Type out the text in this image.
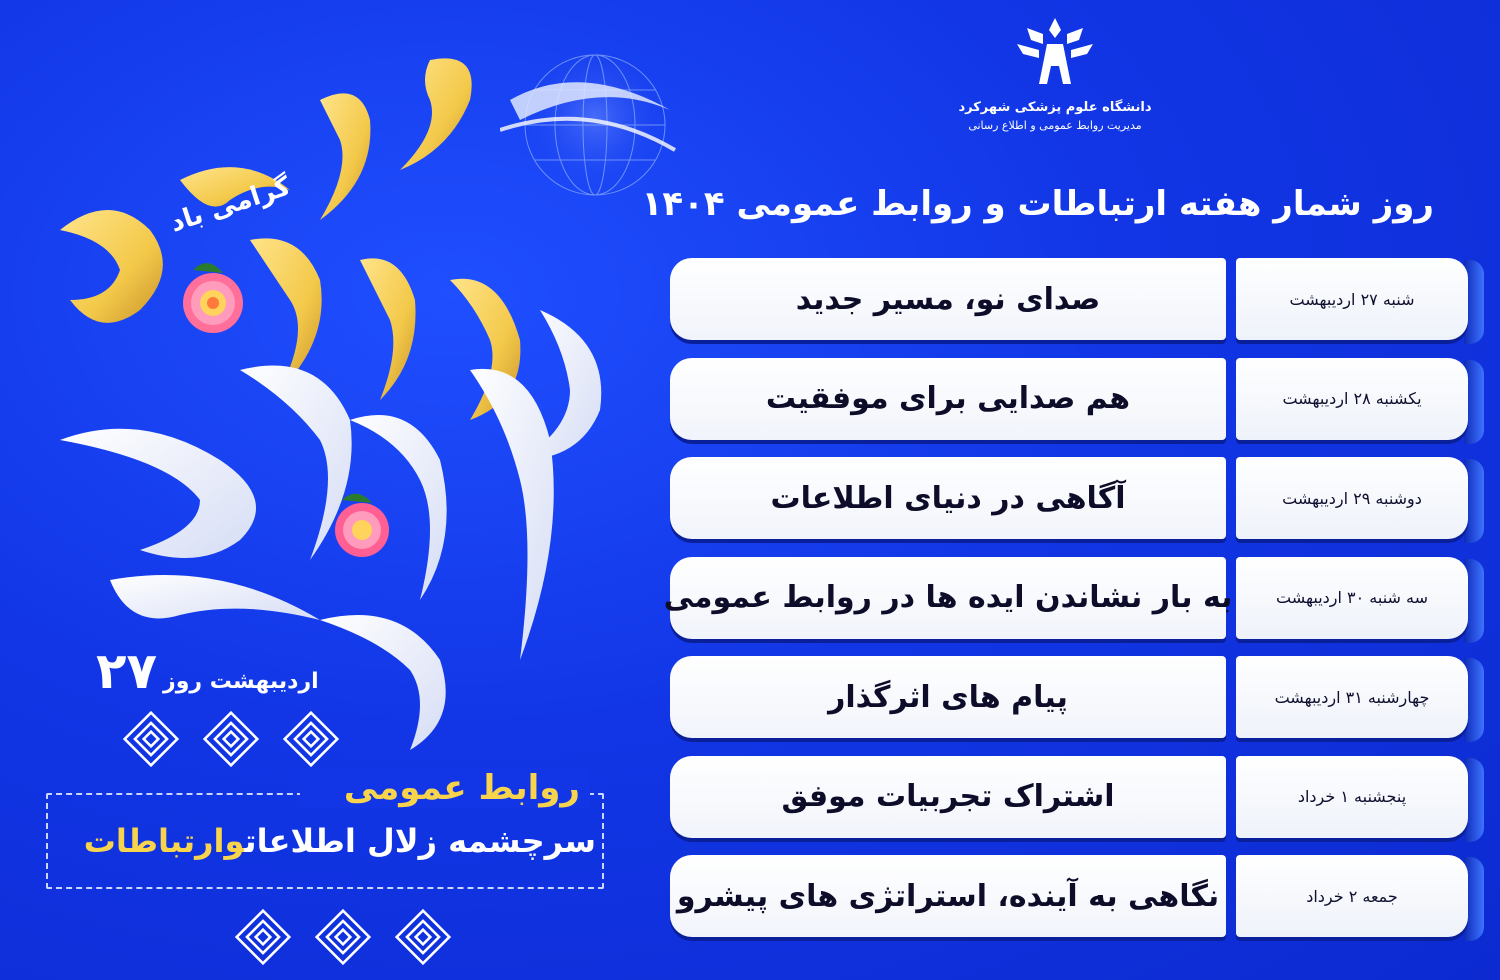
گرامی باد
اردیبهشت روز
۲۷
روابط عمومی
سرچشمه زلال اطلاعاتوارتباطات
دانشگاه علوم پزشکی شهرکرد
مدیریت روابط عمومی و اطلاع رسانی
روز شمار هفته ارتباطات و روابط عمومی ۱۴۰۴
صدای نو، مسیر جدید	شنبه ۲۷ اردیبهشت
هم صدایی برای موفقیت	یکشنبه ۲۸ اردیبهشت
آگاهی در دنیای اطلاعات	دوشنبه ۲۹ اردیبهشت
به بار نشاندن ایده ها در روابط عمومی	سه شنبه ۳۰ اردیبهشت
پیام های اثرگذار	چهارشنبه ۳۱ اردیبهشت
اشتراک تجربیات موفق	پنجشنبه ۱ خرداد
نگاهی به آینده، استراتژی های پیشرو	جمعه ۲ خرداد
